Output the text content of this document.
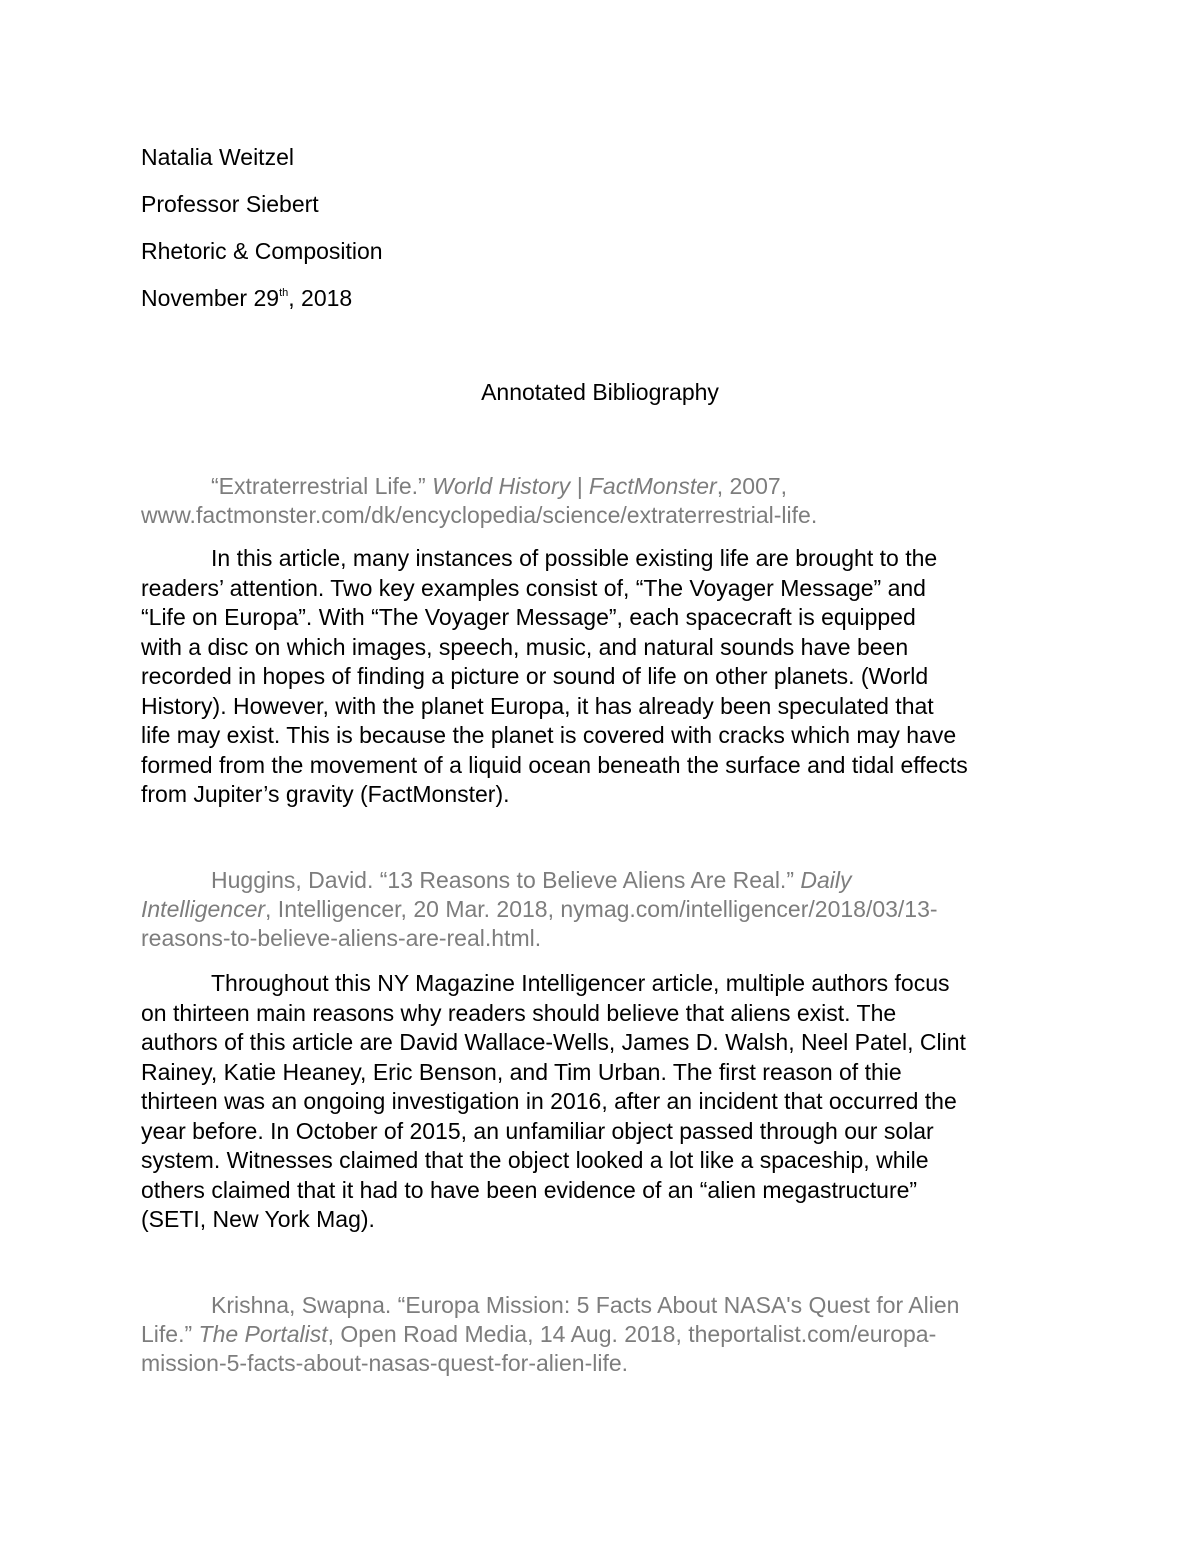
Natalia Weitzel
Professor Siebert
Rhetoric & Composition
November 29th, 2018
Annotated Bibliography

“Extraterrestrial Life.” World History | FactMonster, 2007,
www.factmonster.com/dk/encyclopedia/science/extraterrestrial-life.

In this article, many instances of possible existing life are brought to the
readers’ attention. Two key examples consist of, “The Voyager Message” and
“Life on Europa”. With “The Voyager Message”, each spacecraft is equipped
with a disc on which images, speech, music, and natural sounds have been
recorded in hopes of finding a picture or sound of life on other planets. (World
History). However, with the planet Europa, it has already been speculated that
life may exist. This is because the planet is covered with cracks which may have
formed from the movement of a liquid ocean beneath the surface and tidal effects
from Jupiter’s gravity (FactMonster).

Huggins, David. “13 Reasons to Believe Aliens Are Real.” Daily
Intelligencer, Intelligencer, 20 Mar. 2018, nymag.com/intelligencer/2018/03/13-
reasons-to-believe-aliens-are-real.html.

Throughout this NY Magazine Intelligencer article, multiple authors focus
on thirteen main reasons why readers should believe that aliens exist. The
authors of this article are David Wallace-Wells, James D. Walsh, Neel Patel, Clint
Rainey, Katie Heaney, Eric Benson, and Tim Urban. The first reason of thie
thirteen was an ongoing investigation in 2016, after an incident that occurred the
year before. In October of 2015, an unfamiliar object passed through our solar
system. Witnesses claimed that the object looked a lot like a spaceship, while
others claimed that it had to have been evidence of an “alien megastructure”
(SETI, New York Mag).

Krishna, Swapna. “Europa Mission: 5 Facts About NASA's Quest for Alien
Life.” The Portalist, Open Road Media, 14 Aug. 2018, theportalist.com/europa-
mission-5-facts-about-nasas-quest-for-alien-life.
